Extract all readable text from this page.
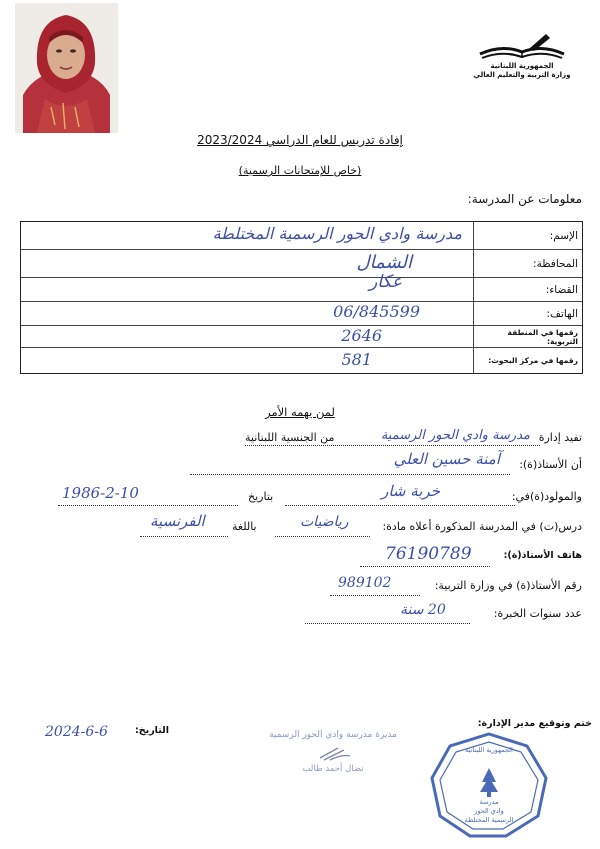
الجمهورية اللبنانية
وزارة التربية والتعليم العالي
إفادة تدريس للعام الدراسي 2023/2024
(خاص للإمتحانات الرسمية)
معلومات عن المدرسة:
الإسم:
مدرسة وادي الحور الرسمية المختلطة
المحافظة:
الشمال
القضاء:
عكار
الهاتف:
06/845599
رقمها في المنطقة التربوية:
2646
رقمها في مركز البحوث:
581
لمن يهمه الأمر
تفيد إدارة
مدرسة وادي الحور الرسمية
من الجنسية اللبنانية
أن الأستاذ(ة):
آمنة حسين العلي
والمولود(ة)في:
خربة شار
بتاريخ
1986-2-10
درس(ت) في المدرسة المذكورة أعلاه مادة:
رياضيات
باللغة
الفرنسية
هاتف الأستاذ(ة):
76190789
رقم الأستاذ(ة) في وزارة التربية:
989102
عدد سنوات الخبرة:
20 سنة
ختم وتوقيع مدير الإدارة:
التاريخ:
2024-6-6	مديرة مدرسة وادي الحور الرسمية
نضال أحمد طالب
الجمهورية اللبنانية
مدرسة
وادي الحور
الرسمية المختلطة
